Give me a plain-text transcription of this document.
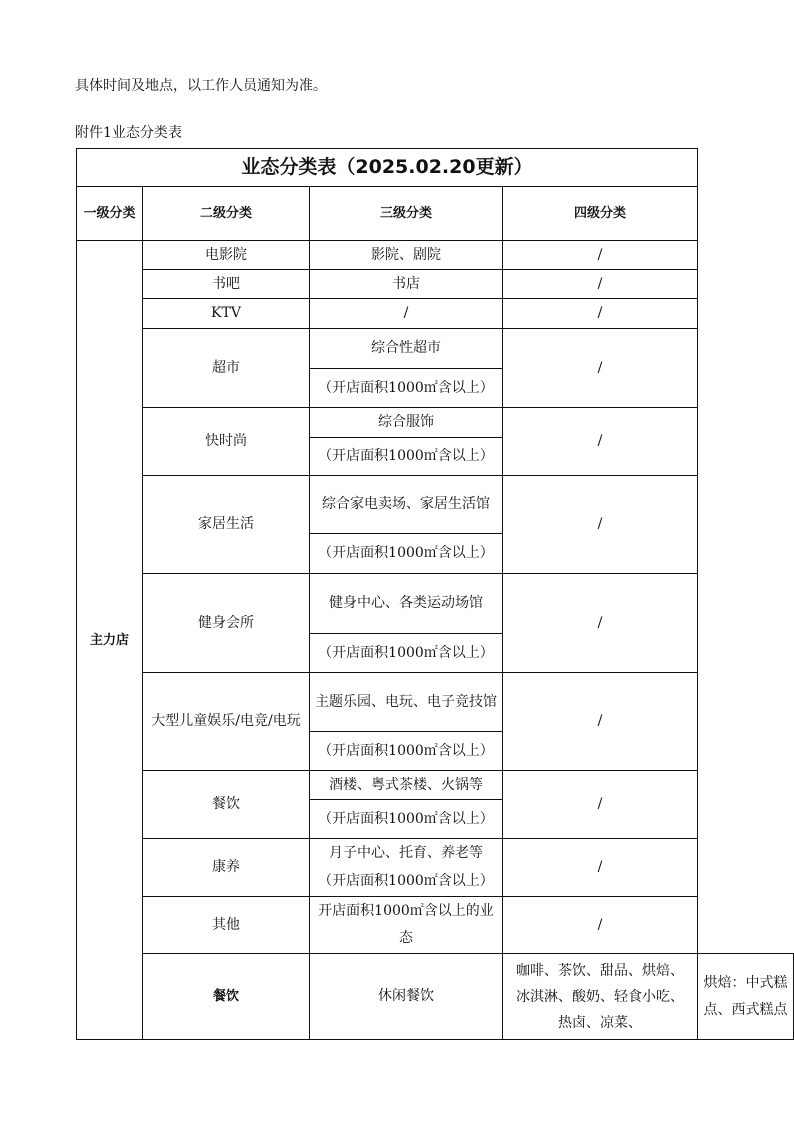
具体时间及地点，以工作人员通知为准。
附件1业态分类表
业态分类表（2025.02.20更新）				
一级分类	二级分类	三级分类	四级分类	
主力店	电影院	影院、剧院	/	
	书吧	书店	/	
	KTV	/	/	
	超市	综合性超市	/	
		（开店面积1000㎡含以上）		
	快时尚	综合服饰	/	
		（开店面积1000㎡含以上）		
	家居生活	综合家电卖场、家居生活馆	/	
		（开店面积1000㎡含以上）		
	健身会所	健身中心、各类运动场馆	/	
		（开店面积1000㎡含以上）		
	大型儿童娱乐/电竞/电玩	主题乐园、电玩、电子竞技馆	/	
		（开店面积1000㎡含以上）		
	餐饮	酒楼、粤式茶楼、火锅等	/	
		（开店面积1000㎡含以上）		
	康养	月子中心、托育、养老等	/	
		（开店面积1000㎡含以上）		
	其他	开店面积1000㎡含以上的业态	/	
	餐饮	休闲餐饮	咖啡、茶饮、甜品、烘焙、冰淇淋、酸奶、轻食小吃、热卤、凉菜、	烘焙：中式糕点、西式糕点
